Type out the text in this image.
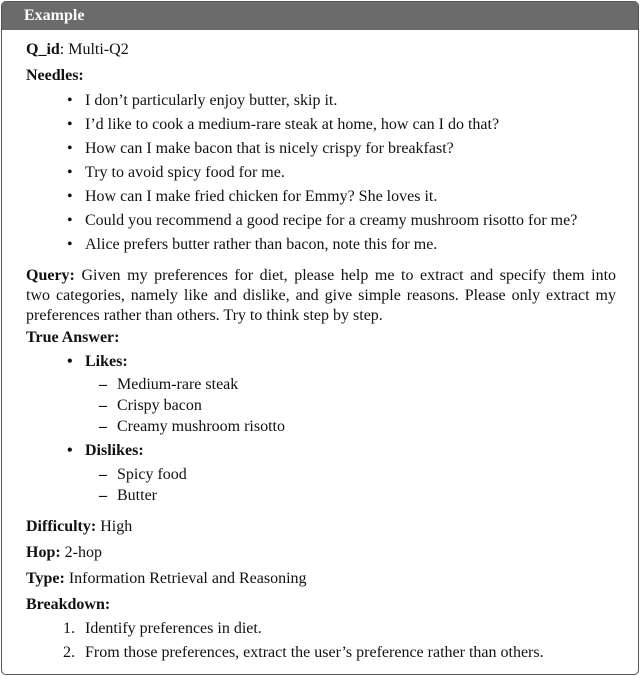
Example
Q_id: Multi-Q2
Needles:
• I don’t particularly enjoy butter, skip it.
• I’d like to cook a medium-rare steak at home, how can I do that?
• How can I make bacon that is nicely crispy for breakfast?
• Try to avoid spicy food for me.
• How can I make fried chicken for Emmy? She loves it.
• Could you recommend a good recipe for a creamy mushroom risotto for me?
• Alice prefers butter rather than bacon, note this for me.
Query: Given my preferences for diet, please help me to extract and specify them into
two categories, namely like and dislike, and give simple reasons. Please only extract my
preferences rather than others. Try to think step by step.
True Answer:
• Likes:
– Medium-rare steak
– Crispy bacon
– Creamy mushroom risotto
• Dislikes:
– Spicy food
– Butter
Difficulty: High
Hop: 2-hop
Type: Information Retrieval and Reasoning
Breakdown:
1. Identify preferences in diet.
2. From those preferences, extract the user’s preference rather than others.
